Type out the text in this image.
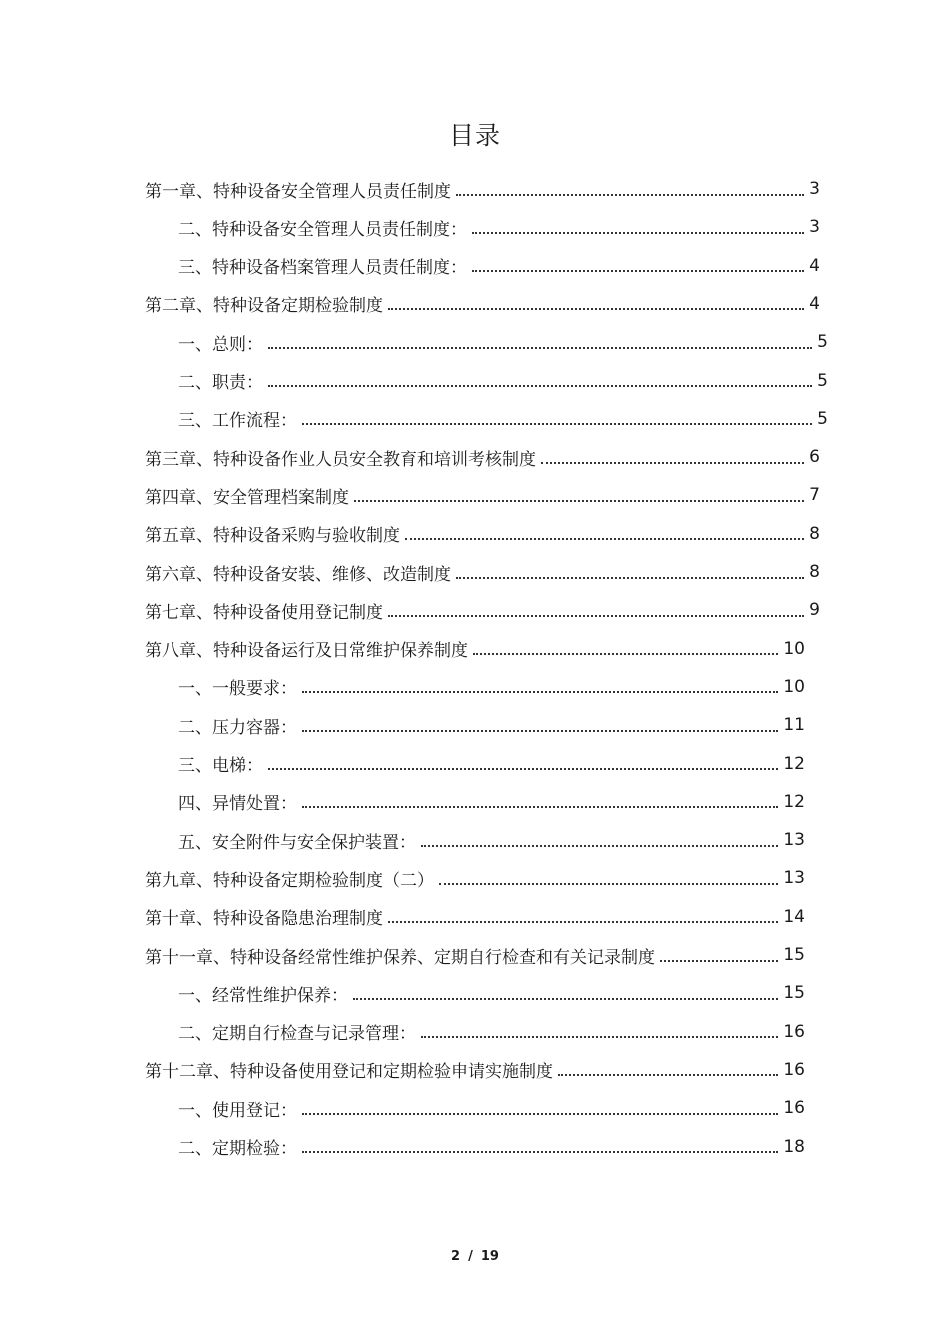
目录
第一章、特种设备安全管理人员责任制度	3
二、特种设备安全管理人员责任制度：	3
三、特种设备档案管理人员责任制度：	4
第二章、特种设备定期检验制度	4
一、总则：	5
二、职责：	5
三、工作流程：	5
第三章、特种设备作业人员安全教育和培训考核制度	6
第四章、安全管理档案制度	7
第五章、特种设备采购与验收制度	8
第六章、特种设备安装、维修、改造制度	8
第七章、特种设备使用登记制度	9
第八章、特种设备运行及日常维护保养制度	10
一、一般要求：	10
二、压力容器：	11
三、电梯：	12
四、异情处置：	12
五、安全附件与安全保护装置：	13
第九章、特种设备定期检验制度（二）	13
第十章、特种设备隐患治理制度	14
第十一章、特种设备经常性维护保养、定期自行检查和有关记录制度	15
一、经常性维护保养：	15
二、定期自行检查与记录管理：	16
第十二章、特种设备使用登记和定期检验申请实施制度	16
一、使用登记：	16
二、定期检验：	18
2 / 19
